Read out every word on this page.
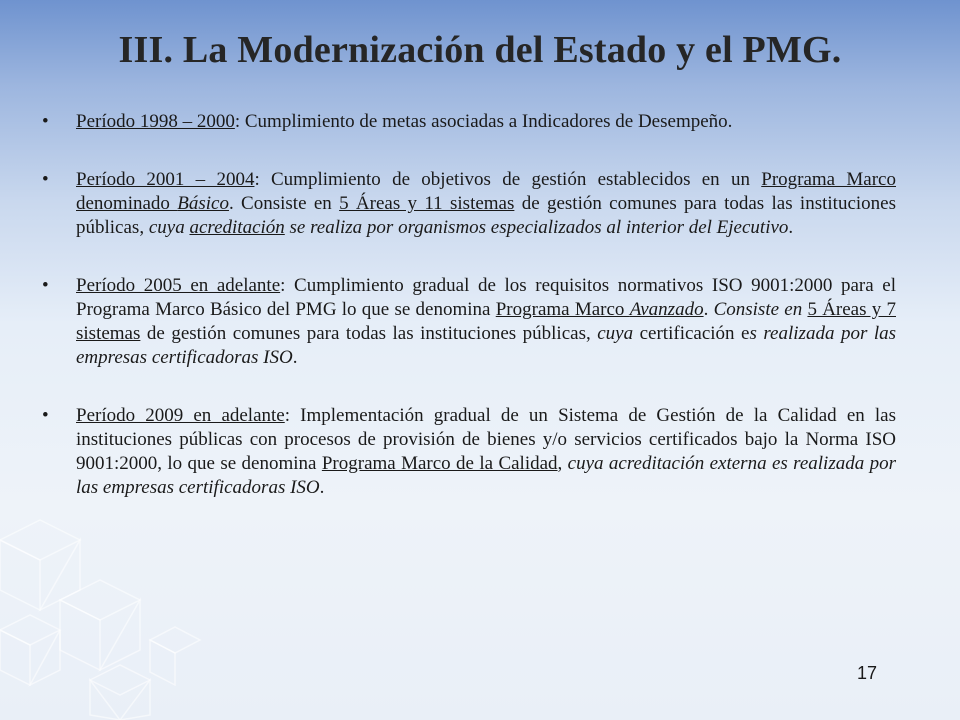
III. La Modernización del Estado y el PMG.
• Período 1998 – 2000: Cumplimiento de metas asociadas a Indicadores de Desempeño.
• Período 2001 – 2004: Cumplimiento de objetivos de gestión establecidos en un Programa Marco denominado Básico. Consiste en 5 Áreas y 11 sistemas de gestión comunes para todas las instituciones públicas, cuya acreditación se realiza por organismos especializados al interior del Ejecutivo.
• Período 2005 en adelante: Cumplimiento gradual de los requisitos normativos ISO 9001:2000 para el Programa Marco Básico del PMG lo que se denomina Programa Marco Avanzado. Consiste en 5 Áreas y 7 sistemas de gestión comunes para todas las instituciones públicas, cuya certificación es realizada por las empresas certificadoras ISO.
• Período 2009 en adelante: Implementación gradual de un Sistema de Gestión de la Calidad en las instituciones públicas con procesos de provisión de bienes y/o servicios certificados bajo la Norma ISO 9001:2000, lo que se denomina Programa Marco de la Calidad, cuya acreditación externa es realizada por las empresas certificadoras ISO.
17
